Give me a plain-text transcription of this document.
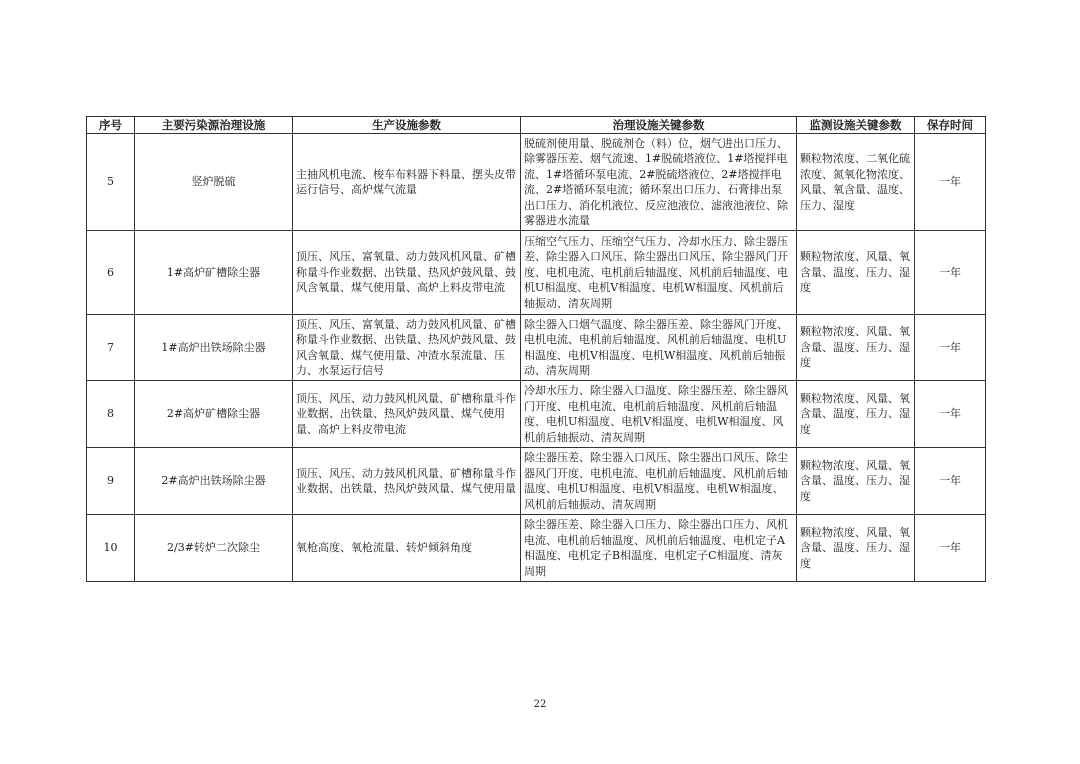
序号	主要污染源治理设施	生产设施参数	治理设施关键参数	监测设施关键参数	保存时间
5	竖炉脱硫	主抽风机电流、梭车布料器下料量、摆头皮带运行信号、高炉煤气流量	脱硫剂使用量、脱硫剂仓（料）位，烟气进出口压力、除雾器压差、烟气流速、1#脱硫塔液位、1#塔搅拌电流、1#塔循环泵电流、2#脱硫塔液位、2#塔搅拌电流、2#塔循环泵电流；循环泵出口压力、石膏排出泵出口压力、消化机液位、反应池液位、滤液池液位、除雾器进水流量	颗粒物浓度、二氧化硫浓度、氮氧化物浓度、风量、氧含量、温度、压力、湿度	一年
6	1#高炉矿槽除尘器	顶压、风压、富氧量、动力鼓风机风量、矿槽称量斗作业数据、出铁量、热风炉鼓风量、鼓风含氧量、煤气使用量、高炉上料皮带电流	压缩空气压力、压缩空气压力、冷却水压力、除尘器压差、除尘器入口风压、除尘器出口风压、除尘器风门开度、电机电流、电机前后轴温度、风机前后轴温度、电机U相温度、电机V相温度、电机W相温度、风机前后轴振动、清灰周期	颗粒物浓度、风量、氧含量、温度、压力、湿度	一年
7	1#高炉出铁场除尘器	顶压、风压、富氧量、动力鼓风机风量、矿槽称量斗作业数据、出铁量、热风炉鼓风量、鼓风含氧量、煤气使用量、冲渣水泵流量、压力、水泵运行信号	除尘器入口烟气温度、除尘器压差、除尘器风门开度、电机电流、电机前后轴温度、风机前后轴温度、电机U相温度、电机V相温度、电机W相温度、风机前后轴振动、清灰周期	颗粒物浓度、风量、氧含量、温度、压力、湿度	一年
8	2#高炉矿槽除尘器	顶压、风压、动力鼓风机风量、矿槽称量斗作业数据、出铁量、热风炉鼓风量、煤气使用量、高炉上料皮带电流	冷却水压力、除尘器入口温度、除尘器压差、除尘器风门开度、电机电流、电机前后轴温度、风机前后轴温度、电机U相温度、电机V相温度、电机W相温度、风机前后轴振动、清灰周期	颗粒物浓度、风量、氧含量、温度、压力、湿度	一年
9	2#高炉出铁场除尘器	顶压、风压、动力鼓风机风量、矿槽称量斗作业数据、出铁量、热风炉鼓风量、煤气使用量	除尘器压差、除尘器入口风压、除尘器出口风压、除尘器风门开度、电机电流、电机前后轴温度、风机前后轴温度、电机U相温度、电机V相温度、电机W相温度、风机前后轴振动、清灰周期	颗粒物浓度、风量、氧含量、温度、压力、湿度	一年
10	2/3#转炉二次除尘	氧枪高度、氧枪流量、转炉倾斜角度	除尘器压差、除尘器入口压力、除尘器出口压力、风机电流、电机前后轴温度、风机前后轴温度、电机定子A相温度、电机定子B相温度、电机定子C相温度、清灰周期	颗粒物浓度、风量、氧含量、温度、压力、湿度	一年
22
